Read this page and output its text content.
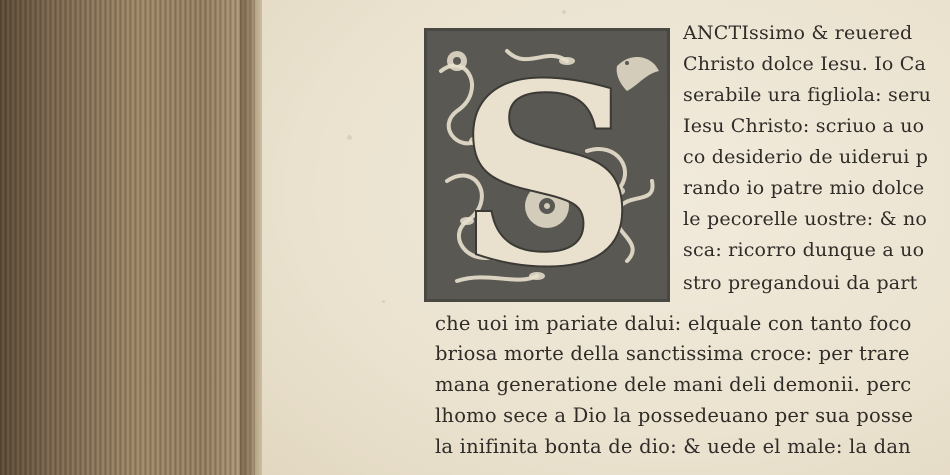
S ANCTIssimo & reuered
Christo dolce Iesu. Io Ca
serabile ura figliola: seru
Iesu Christo: scriuo a uo
co desiderio de uiderui p
rando io patre mio dolce
le pecorelle uostre: & no
sca: ricorro dunque a uo
stro pregandoui da part
che uoi im pariate dalui: elquale con tanto foco
briosa morte della sanctissima croce: per trare
mana generatione dele mani deli demonii. perc
lhomo sece a Dio la possedeuano per sua posse
la inifinita bonta de dio: & uede el male: la dan
